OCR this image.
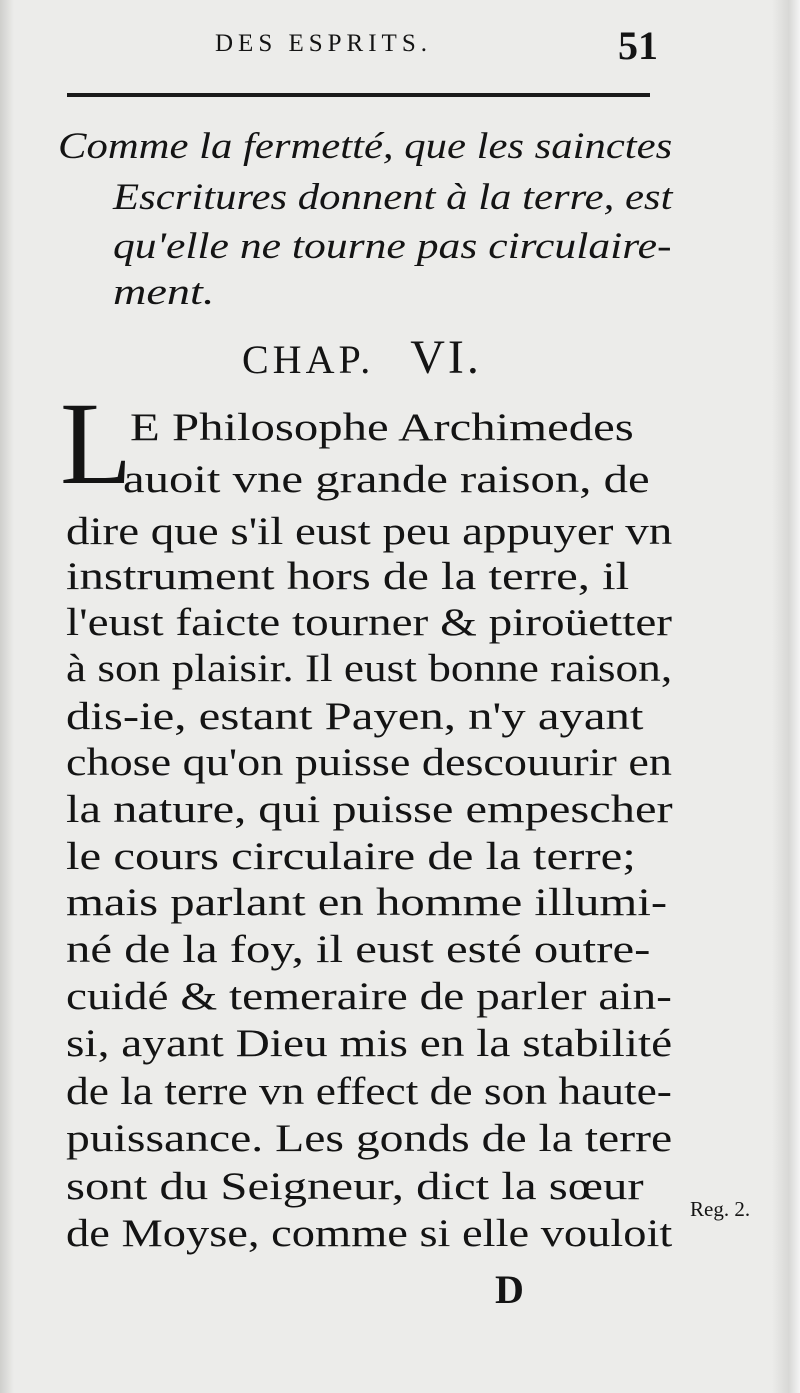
DES ESPRITS.	51
Comme la fermetté, que les sainctes
Escritures donnent à la terre, est
qu'elle ne tourne pas circulaire-
ment.
CHAP. VI.
L
E Philosophe Archimedes
auoit vne grande raison, de
dire que s'il eust peu appuyer vn
instrument hors de la terre, il
l'eust faicte tourner & piroüetter
à son plaisir. Il eust bonne raison,
dis-ie, estant Payen, n'y ayant
chose qu'on puisse descouurir en
la nature, qui puisse empescher
le cours circulaire de la terre;
mais parlant en homme illumi-
né de la foy, il eust esté outre-
cuidé & temeraire de parler ain-
si, ayant Dieu mis en la stabilité
de la terre vn effect de son haute-
puissance. Les gonds de la terre
sont du Seigneur, dict la sœur
de Moyse, comme si elle vouloit
Reg. 2.
D
